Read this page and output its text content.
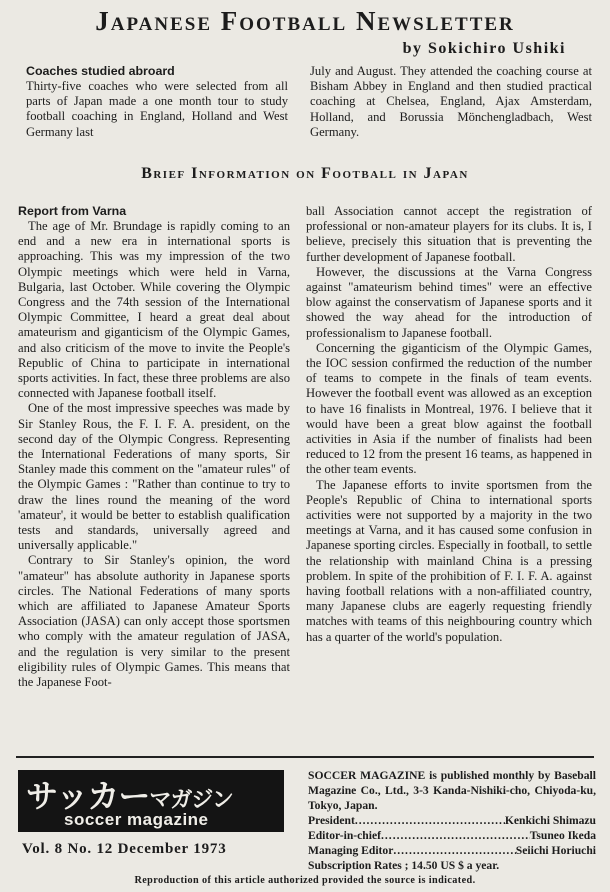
Japanese Football Newsletter
by Sokichiro Ushiki
Coaches studied abroard

Thirty-five coaches who were selected from all parts of Japan made a one month tour to study football coaching in England, Holland and West Germany last

July and August. They attended the coaching course at Bisham Abbey in England and then studied practical coaching at Chelsea, England, Ajax Amsterdam, Holland, and Borussia Mönchengladbach, West Germany.

Brief Information on Football in Japan
Report from Varna

The age of Mr. Brundage is rapidly coming to an end and a new era in international sports is approaching. This was my impression of the two Olympic meetings which were held in Varna, Bulgaria, last October. While covering the Olympic Congress and the 74th session of the International Olympic Committee, I heard a great deal about amateurism and giganticism of the Olympic Games, and also criticism of the move to invite the People's Republic of China to participate in international sports activities. In fact, these three problems are also connected with Japanese football itself.

One of the most impressive speeches was made by Sir Stanley Rous, the F. I. F. A. president, on the second day of the Olympic Congress. Representing the International Federations of many sports, Sir Stanley made this comment on the "amateur rules" of the Olympic Games : "Rather than continue to try to draw the lines round the meaning of the word 'amateur', it would be better to establish qualification tests and standards, universally agreed and universally applicable."

Contrary to Sir Stanley's opinion, the word "amateur" has absolute authority in Japanese sports circles. The National Federations of many sports which are affiliated to Japanese Amateur Sports Association (JASA) can only accept those sportsmen who comply with the amateur regulation of JASA, and the regulation is very similar to the present eligibility rules of Olympic Games. This means that the Japanese Foot-

ball Association cannot accept the registration of professional or non-amateur players for its clubs. It is, I believe, precisely this situation that is preventing the further development of Japanese football.

However, the discussions at the Varna Congress against "amateurism behind times" were an effective blow against the conservatism of Japanese sports and it showed the way ahead for the introduction of professionalism to Japanese football.

Concerning the giganticism of the Olympic Games, the IOC session confirmed the reduction of the number of teams to compete in the finals of team events. However the football event was allowed as an exception to have 16 finalists in Montreal, 1976. I believe that it would have been a great blow against the football activities in Asia if the number of finalists had been reduced to 12 from the present 16 teams, as happened in the other team events.

The Japanese efforts to invite sportsmen from the People's Republic of China to international sports activities were not supported by a majority in the two meetings at Varna, and it has caused some confusion in Japanese sporting circles. Especially in football, to settle the relationship with mainland China is a pressing problem. In spite of the prohibition of F. I. F. A. against having football relations with a non-affiliated country, many Japanese clubs are eagerly requesting friendly matches with teams of this neighbouring country which has a quarter of the world's population.

サッカーマガジン
soccer magazine
Vol. 8 No. 12 December 1973
SOCCER MAGAZINE is published monthly by Baseball Magazine Co., Ltd., 3-3 Kanda-Nishiki-cho, Chiyoda-ku, Tokyo, Japan.
President .....	Kenkichi Shimazu
Editor-in-chief .....	Tsuneo Ikeda
Managing Editor .....	Seiichi Horiuchi
Subscription Rates ; 14.50 US $ a year.
Reproduction of this article authorized provided the source is indicated.
